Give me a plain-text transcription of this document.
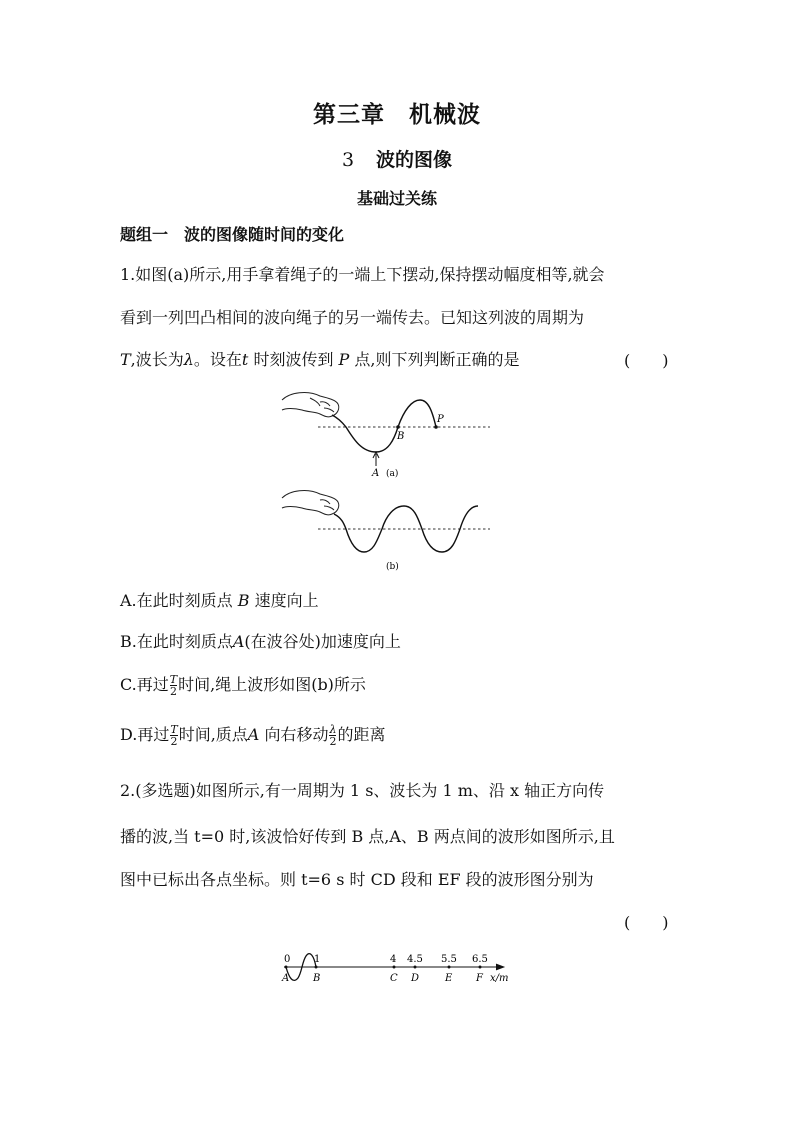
第三章　机械波
3 波的图像
基础过关练
题组一 波的图像随时间的变化
1.如图(a)所示,用手拿着绳子的一端上下摆动,保持摆动幅度相等,就会
看到一列凹凸相间的波向绳子的另一端传去。已知这列波的周期为
T,波长为λ。设在t 时刻波传到 P 点,则下列判断正确的是	(　　)
A
B
P
(a)
(b)
A.在此时刻质点 B 速度向上
B.在此时刻质点A(在波谷处)加速度向上
C.再过 $\frac{T}{2}$ 时间,绳上波形如图(b)所示
D.再过 $\frac{T}{2}$ 时间,质点A 向右移动 $\frac{\lambda}{2}$ 的距离
2.(多选题)如图所示,有一周期为 1 s、波长为 1 m、沿 x 轴正方向传
播的波,当 t=0 时,该波恰好传到 B 点,A、B 两点间的波形如图所示,且
图中已标出各点坐标。则 t=6 s 时 CD 段和 EF 段的波形图分别为
(　　)
0 1	4 4.5 5.5 6.5
A B	C D	E F x/m
